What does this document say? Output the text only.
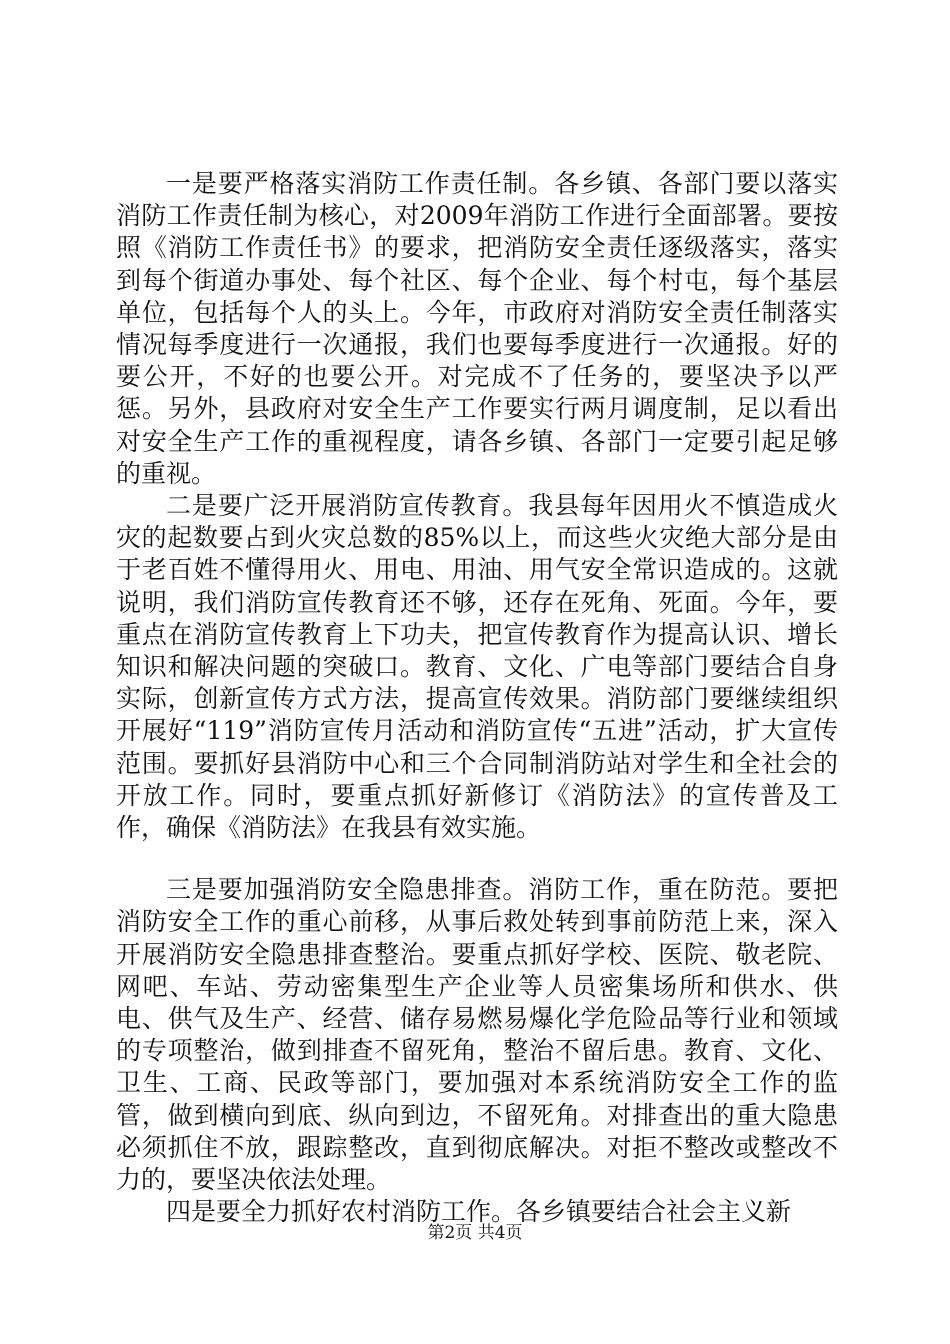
一是要严格落实消防工作责任制。各乡镇、各部门要以落实消防工作责任制为核心，对2009年消防工作进行全面部署。要按照《消防工作责任书》的要求，把消防安全责任逐级落实，落实到每个街道办事处、每个社区、每个企业、每个村屯，每个基层单位，包括每个人的头上。今年，市政府对消防安全责任制落实情况每季度进行一次通报，我们也要每季度进行一次通报。好的要公开，不好的也要公开。对完成不了任务的，要坚决予以严惩。另外，县政府对安全生产工作要实行两月调度制，足以看出对安全生产工作的重视程度，请各乡镇、各部门一定要引起足够的重视。

二是要广泛开展消防宣传教育。我县每年因用火不慎造成火灾的起数要占到火灾总数的85%以上，而这些火灾绝大部分是由于老百姓不懂得用火、用电、用油、用气安全常识造成的。这就说明，我们消防宣传教育还不够，还存在死角、死面。今年，要重点在消防宣传教育上下功夫，把宣传教育作为提高认识、增长知识和解决问题的突破口。教育、文化、广电等部门要结合自身实际，创新宣传方式方法，提高宣传效果。消防部门要继续组织开展好“119”消防宣传月活动和消防宣传“五进”活动，扩大宣传范围。要抓好县消防中心和三个合同制消防站对学生和全社会的开放工作。同时，要重点抓好新修订《消防法》的宣传普及工作，确保《消防法》在我县有效实施。

三是要加强消防安全隐患排查。消防工作，重在防范。要把消防安全工作的重心前移，从事后救处转到事前防范上来，深入开展消防安全隐患排查整治。要重点抓好学校、医院、敬老院、网吧、车站、劳动密集型生产企业等人员密集场所和供水、供电、供气及生产、经营、储存易燃易爆化学危险品等行业和领域的专项整治，做到排查不留死角，整治不留后患。教育、文化、卫生、工商、民政等部门，要加强对本系统消防安全工作的监管，做到横向到底、纵向到边，不留死角。对排查出的重大隐患必须抓住不放，跟踪整改，直到彻底解决。对拒不整改或整改不力的，要坚决依法处理。

四是要全力抓好农村消防工作。各乡镇要结合社会主义新

第2页 共4页
